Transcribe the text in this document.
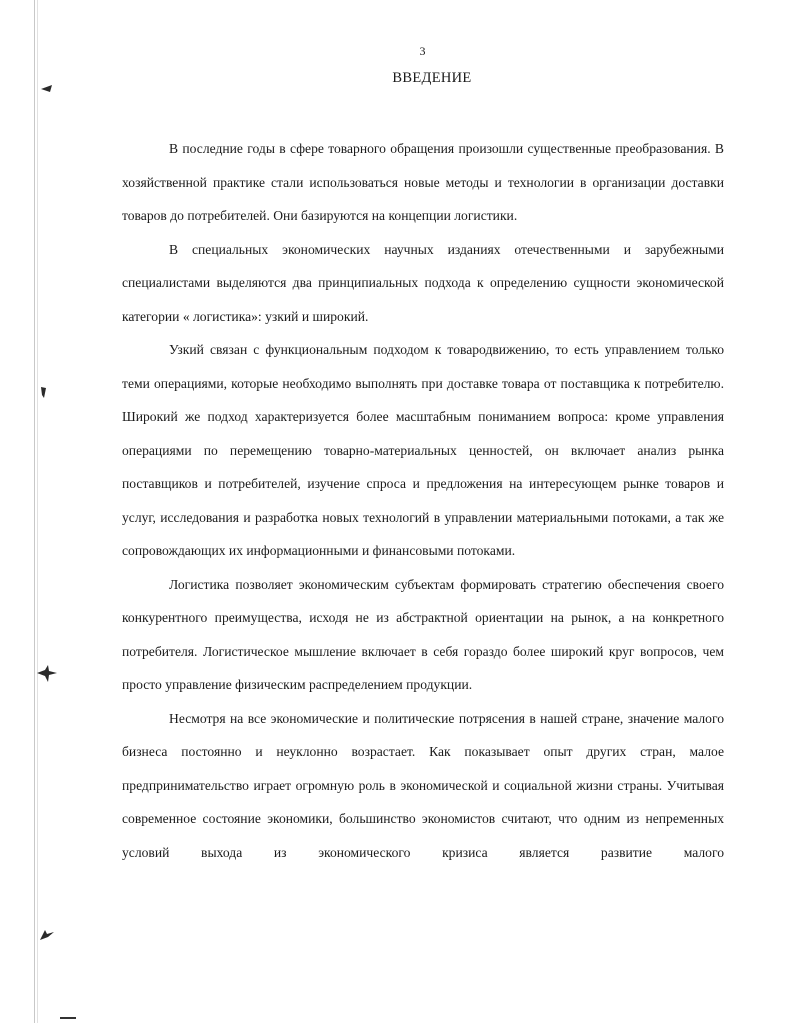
3
ВВЕДЕНИЕ

В последние годы в сфере товарного обращения произошли существенные преобразования. В хозяйственной практике стали использоваться новые методы и технологии в организации доставки товаров до потребителей. Они базируются на концепции логистики.

В специальных экономических научных изданиях отечественными и зарубежными специалистами выделяются два принципиальных подхода к определению сущности экономической категории « логистика»: узкий и широкий.

Узкий связан с функциональным подходом к товародвижению, то есть управлением только теми операциями, которые необходимо выполнять при доставке товара от поставщика к потребителю. Широкий же подход характеризуется более масштабным пониманием вопроса: кроме управления операциями по перемещению товарно-материальных ценностей, он включает анализ рынка поставщиков и потребителей, изучение спроса и предложения на интересующем рынке товаров и услуг, исследования и разработка новых технологий в управлении материальными потоками, а так же сопровождающих их информационными и финансовыми потоками.

Логистика позволяет экономическим субъектам формировать стратегию обеспечения своего конкурентного преимущества, исходя не из абстрактной ориентации на рынок, а на конкретного потребителя. Логистическое мышление включает в себя гораздо более широкий круг вопросов, чем просто управление физическим распределением продукции.

Несмотря на все экономические и политические потрясения в нашей стране, значение малого бизнеса постоянно и неуклонно возрастает. Как показывает опыт других стран, малое предпринимательство играет огромную роль в экономической и социальной жизни страны. Учитывая современное состояние экономики, большинство экономистов считают, что одним из непременных условий выхода из экономического кризиса является развитие малого
